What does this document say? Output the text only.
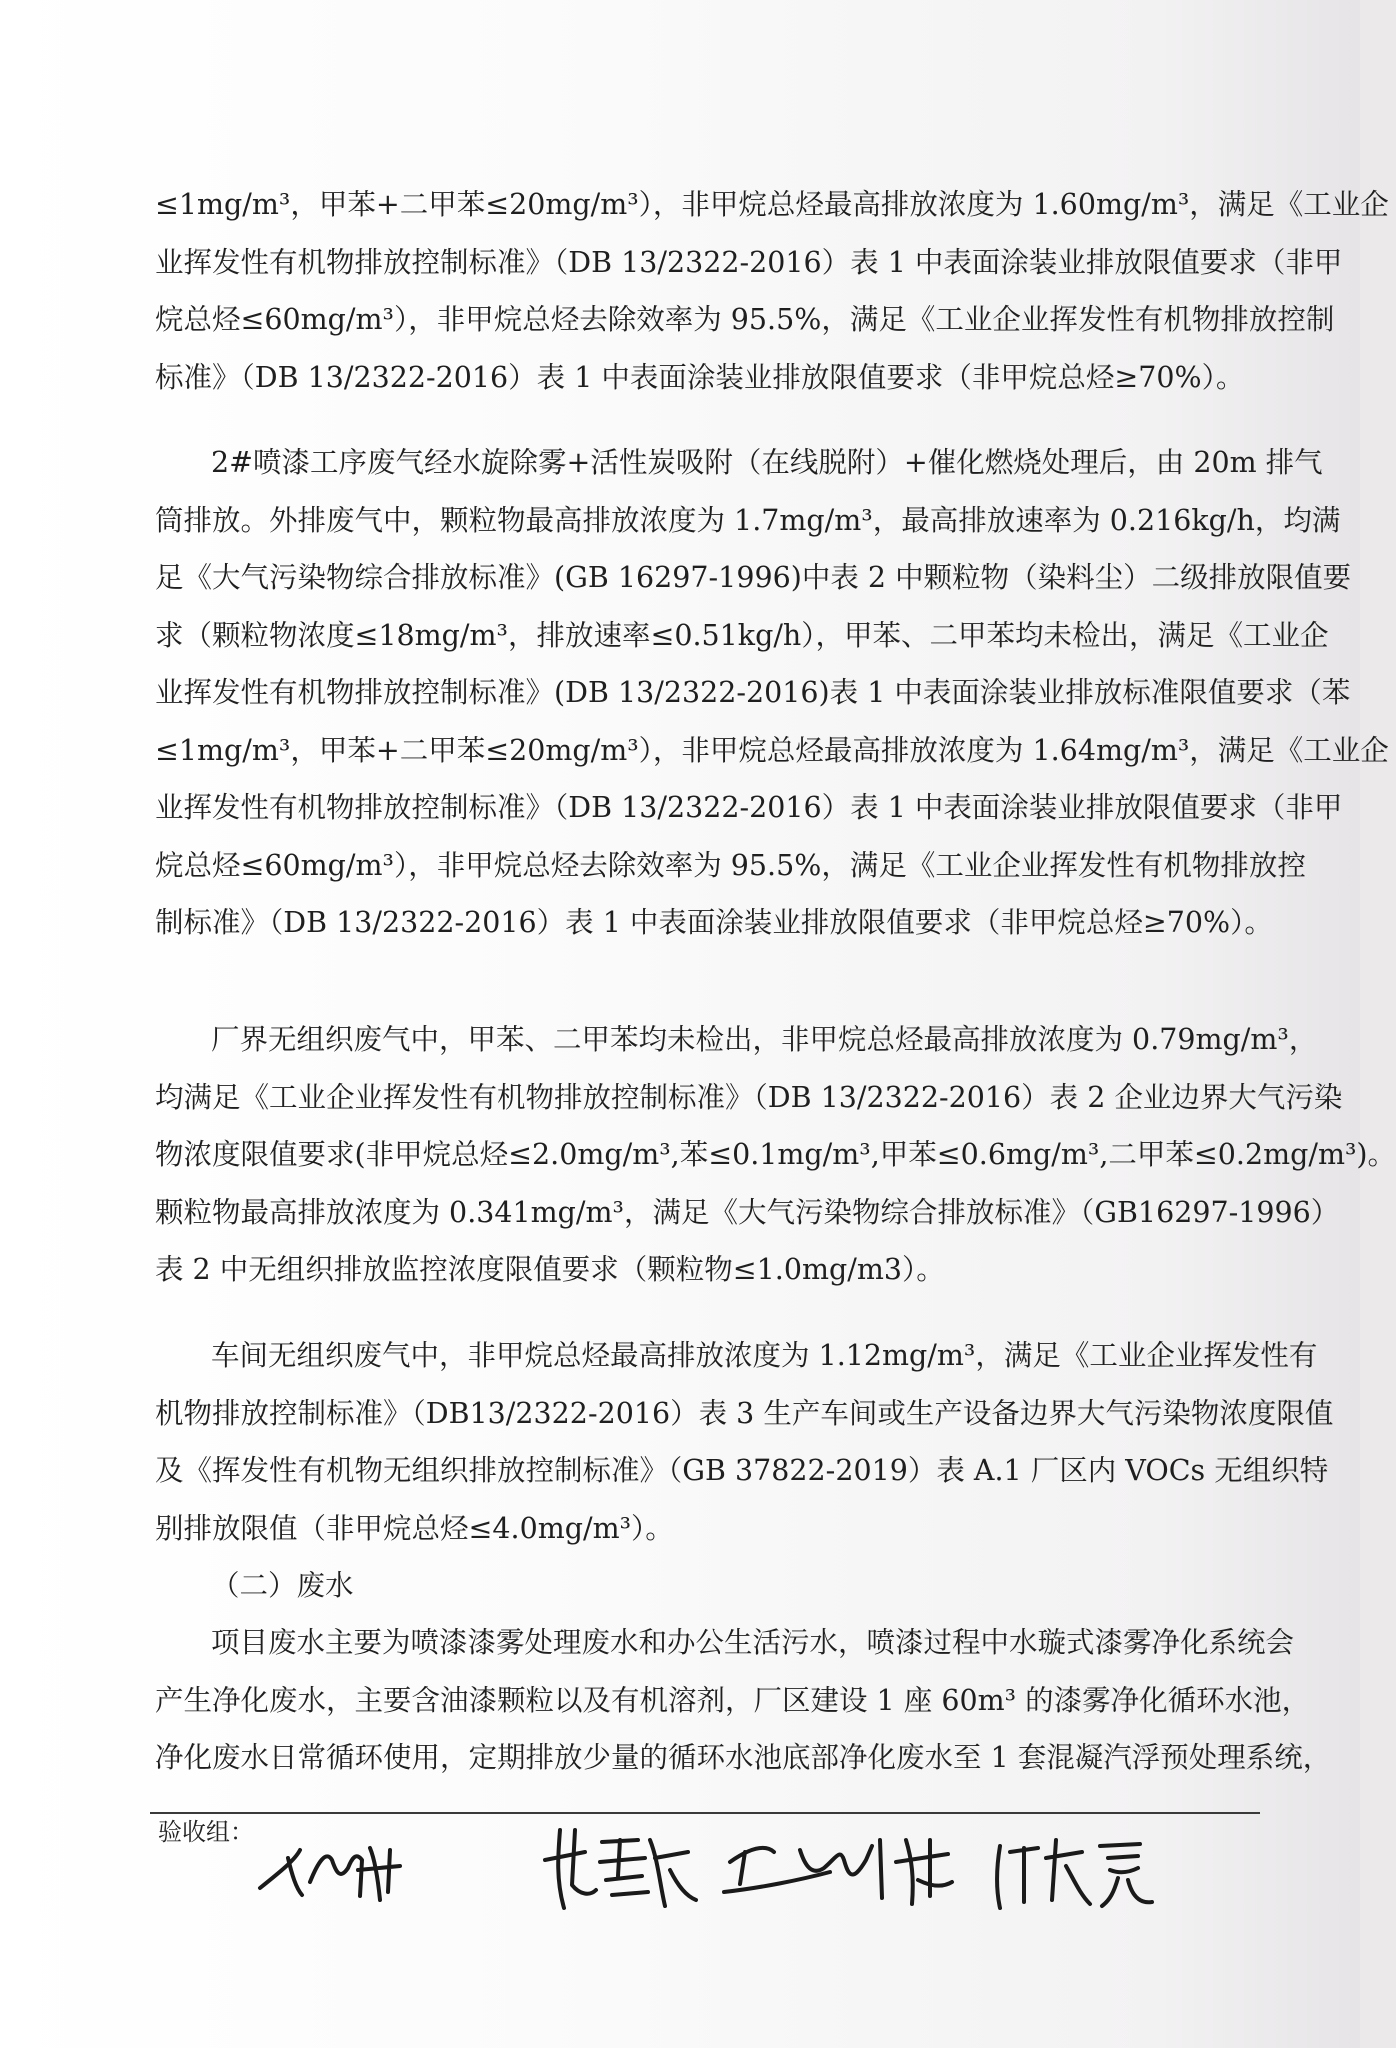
≤1mg/m³，甲苯+二甲苯≤20mg/m³），非甲烷总烃最高排放浓度为 1.60mg/m³，满足《工业企
业挥发性有机物排放控制标准》（DB 13/2322-2016）表 1 中表面涂装业排放限值要求（非甲
烷总烃≤60mg/m³），非甲烷总烃去除效率为 95.5%，满足《工业企业挥发性有机物排放控制
标准》（DB 13/2322-2016）表 1 中表面涂装业排放限值要求（非甲烷总烃≥70%）。
2#喷漆工序废气经水旋除雾+活性炭吸附（在线脱附）+催化燃烧处理后，由 20m 排气
筒排放。外排废气中，颗粒物最高排放浓度为 1.7mg/m³，最高排放速率为 0.216kg/h，均满
足《大气污染物综合排放标准》(GB 16297-1996)中表 2 中颗粒物（染料尘）二级排放限值要
求（颗粒物浓度≤18mg/m³，排放速率≤0.51kg/h），甲苯、二甲苯均未检出，满足《工业企
业挥发性有机物排放控制标准》(DB 13/2322-2016)表 1 中表面涂装业排放标准限值要求（苯
≤1mg/m³，甲苯+二甲苯≤20mg/m³），非甲烷总烃最高排放浓度为 1.64mg/m³，满足《工业企
业挥发性有机物排放控制标准》（DB 13/2322-2016）表 1 中表面涂装业排放限值要求（非甲
烷总烃≤60mg/m³），非甲烷总烃去除效率为 95.5%，满足《工业企业挥发性有机物排放控
制标准》（DB 13/2322-2016）表 1 中表面涂装业排放限值要求（非甲烷总烃≥70%）。
厂界无组织废气中，甲苯、二甲苯均未检出，非甲烷总烃最高排放浓度为 0.79mg/m³，
均满足《工业企业挥发性有机物排放控制标准》（DB 13/2322-2016）表 2 企业边界大气污染
物浓度限值要求(非甲烷总烃≤2.0mg/m³,苯≤0.1mg/m³,甲苯≤0.6mg/m³,二甲苯≤0.2mg/m³)。
颗粒物最高排放浓度为 0.341mg/m³，满足《大气污染物综合排放标准》（GB16297-1996）
表 2 中无组织排放监控浓度限值要求（颗粒物≤1.0mg/m3）。
车间无组织废气中，非甲烷总烃最高排放浓度为 1.12mg/m³，满足《工业企业挥发性有
机物排放控制标准》（DB13/2322-2016）表 3 生产车间或生产设备边界大气污染物浓度限值
及《挥发性有机物无组织排放控制标准》（GB 37822-2019）表 A.1 厂区内 VOCs 无组织特
别排放限值（非甲烷总烃≤4.0mg/m³）。
（二）废水
项目废水主要为喷漆漆雾处理废水和办公生活污水，喷漆过程中水璇式漆雾净化系统会
产生净化废水，主要含油漆颗粒以及有机溶剂，厂区建设 1 座 60m³ 的漆雾净化循环水池，
净化废水日常循环使用，定期排放少量的循环水池底部净化废水至 1 套混凝汽浮预处理系统，
验收组：
